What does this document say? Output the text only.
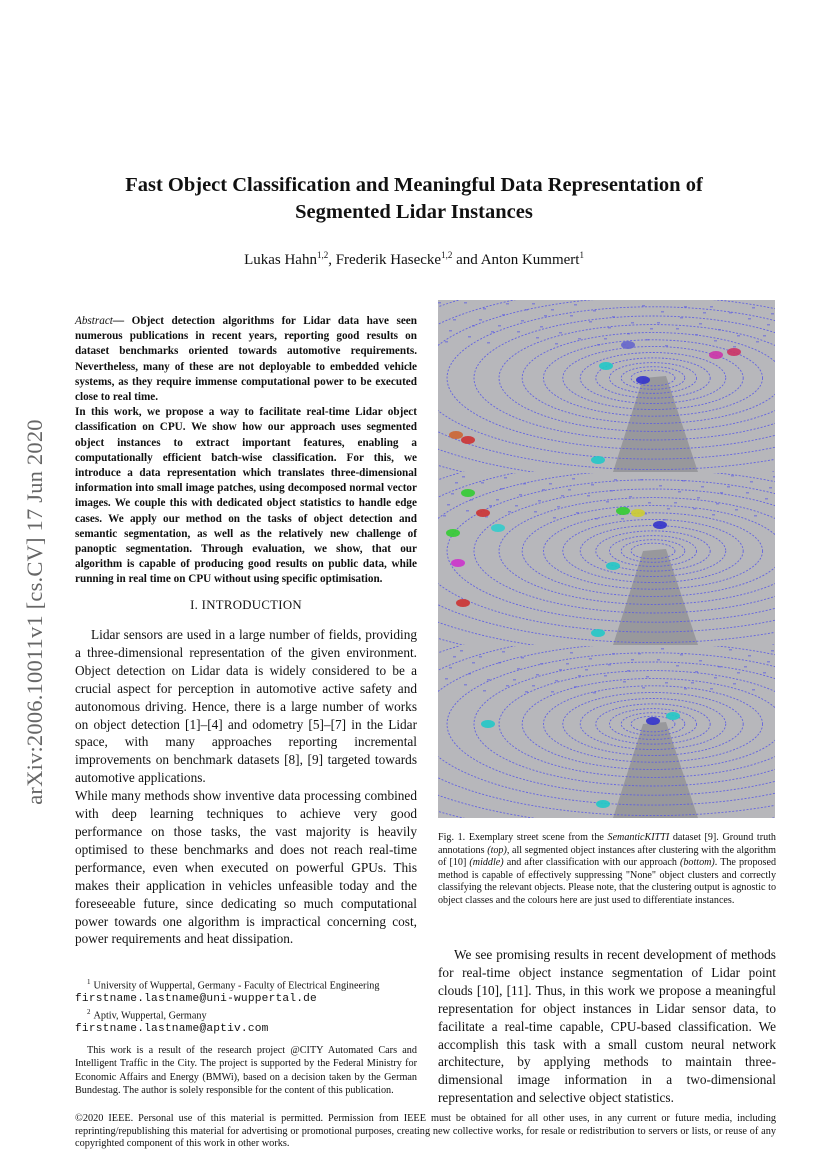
arXiv:2006.10011v1 [cs.CV] 17 Jun 2020
Fast Object Classification and Meaningful Data Representation of
Segmented Lidar Instances
Lukas Hahn$^{1,2}$, Frederik Hasecke$^{1,2}$ and Anton Kummert$^1$

Abstract— Object detection algorithms for Lidar data have seen numerous publications in recent years, reporting good results on dataset benchmarks oriented towards automotive requirements. Nevertheless, many of these are not deployable to embedded vehicle systems, as they require immense computational power to be executed close to real time.

In this work, we propose a way to facilitate real-time Lidar object classification on CPU. We show how our approach uses segmented object instances to extract important features, enabling a computationally efficient batch-wise classification. For this, we introduce a data representation which translates three-dimensional information into small image patches, using decomposed normal vector images. We couple this with dedicated object statistics to handle edge cases. We apply our method on the tasks of object detection and semantic segmentation, as well as the relatively new challenge of panoptic segmentation. Through evaluation, we show, that our algorithm is capable of producing good results on public data, while running in real time on CPU without using specific optimisation.

I. INTRODUCTION

Lidar sensors are used in a large number of fields, providing a three-dimensional representation of the given environment. Object detection on Lidar data is widely considered to be a crucial aspect for perception in automotive active safety and autonomous driving. Hence, there is a large number of works on object detection [1]–[4] and odometry [5]–[7] in the Lidar space, with many approaches reporting incremental improvements on benchmark datasets [8], [9] targeted towards automotive applications.

While many methods show inventive data processing combined with deep learning techniques to achieve very good performance on those tasks, the vast majority is heavily optimised to these benchmarks and does not reach real-time performance, even when executed on powerful GPUs. This makes their application in vehicles unfeasible today and the foreseeable future, since dedicating so much computational power towards one algorithm is impractical concerning cost, power requirements and heat dissipation.

$^1$ University of Wuppertal, Germany - Faculty of Electrical Engineering
firstname.lastname@uni-wuppertal.de
$^2$ Aptiv, Wuppertal, Germany
firstname.lastname@aptiv.com
This work is a result of the research project @CITY Automated Cars and Intelligent Traffic in the City. The project is supported by the Federal Ministry for Economic Affairs and Energy (BMWi), based on a decision taken by the German Bundestag. The author is solely responsible for the content of this publication.
Fig. 1. Exemplary street scene from the SemanticKITTI dataset [9]. Ground truth annotations (top), all segmented object instances after clustering with the algorithm of [10] (middle) and after classification with our approach (bottom). The proposed method is capable of effectively suppressing "None" object clusters and correctly classifying the relevant objects. Please note, that the clustering output is agnostic to object classes and the colours here are just used to differentiate instances.

We see promising results in recent development of methods for real-time object instance segmentation of Lidar point clouds [10], [11]. Thus, in this work we propose a meaningful representation for object instances in Lidar sensor data, to facilitate a real-time capable, CPU-based classification. We accomplish this task with a small custom neural network architecture, by applying methods to maintain three-dimensional image information in a two-dimensional representation and selective object statistics.

©2020 IEEE. Personal use of this material is permitted. Permission from IEEE must be obtained for all other uses, in any current or future media, including reprinting/republishing this material for advertising or promotional purposes, creating new collective works, for resale or redistribution to servers or lists, or reuse of any copyrighted component of this work in other works.
